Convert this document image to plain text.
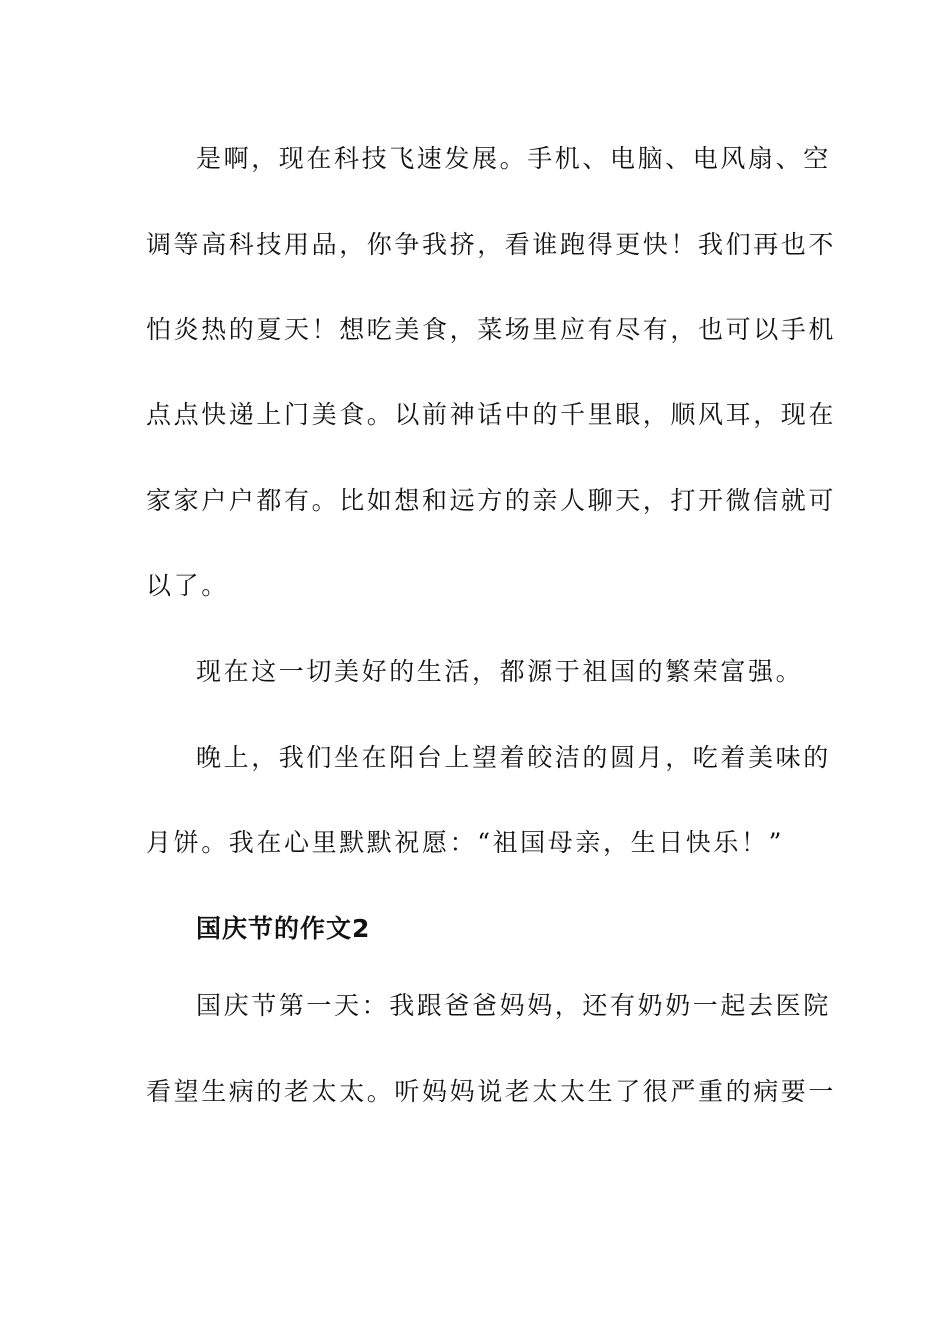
是啊，现在科技飞速发展。手机、电脑、电风扇、空
调等高科技用品，你争我挤，看谁跑得更快！我们再也不
怕炎热的夏天！想吃美食，菜场里应有尽有，也可以手机
点点快递上门美食。以前神话中的千里眼，顺风耳，现在
家家户户都有。比如想和远方的亲人聊天，打开微信就可
以了。
现在这一切美好的生活，都源于祖国的繁荣富强。
晚上，我们坐在阳台上望着皎洁的圆月，吃着美味的
月饼。我在心里默默祝愿：“祖国母亲，生日快乐！”
国庆节的作文2
国庆节第一天：我跟爸爸妈妈，还有奶奶一起去医院
看望生病的老太太。听妈妈说老太太生了很严重的病要一
